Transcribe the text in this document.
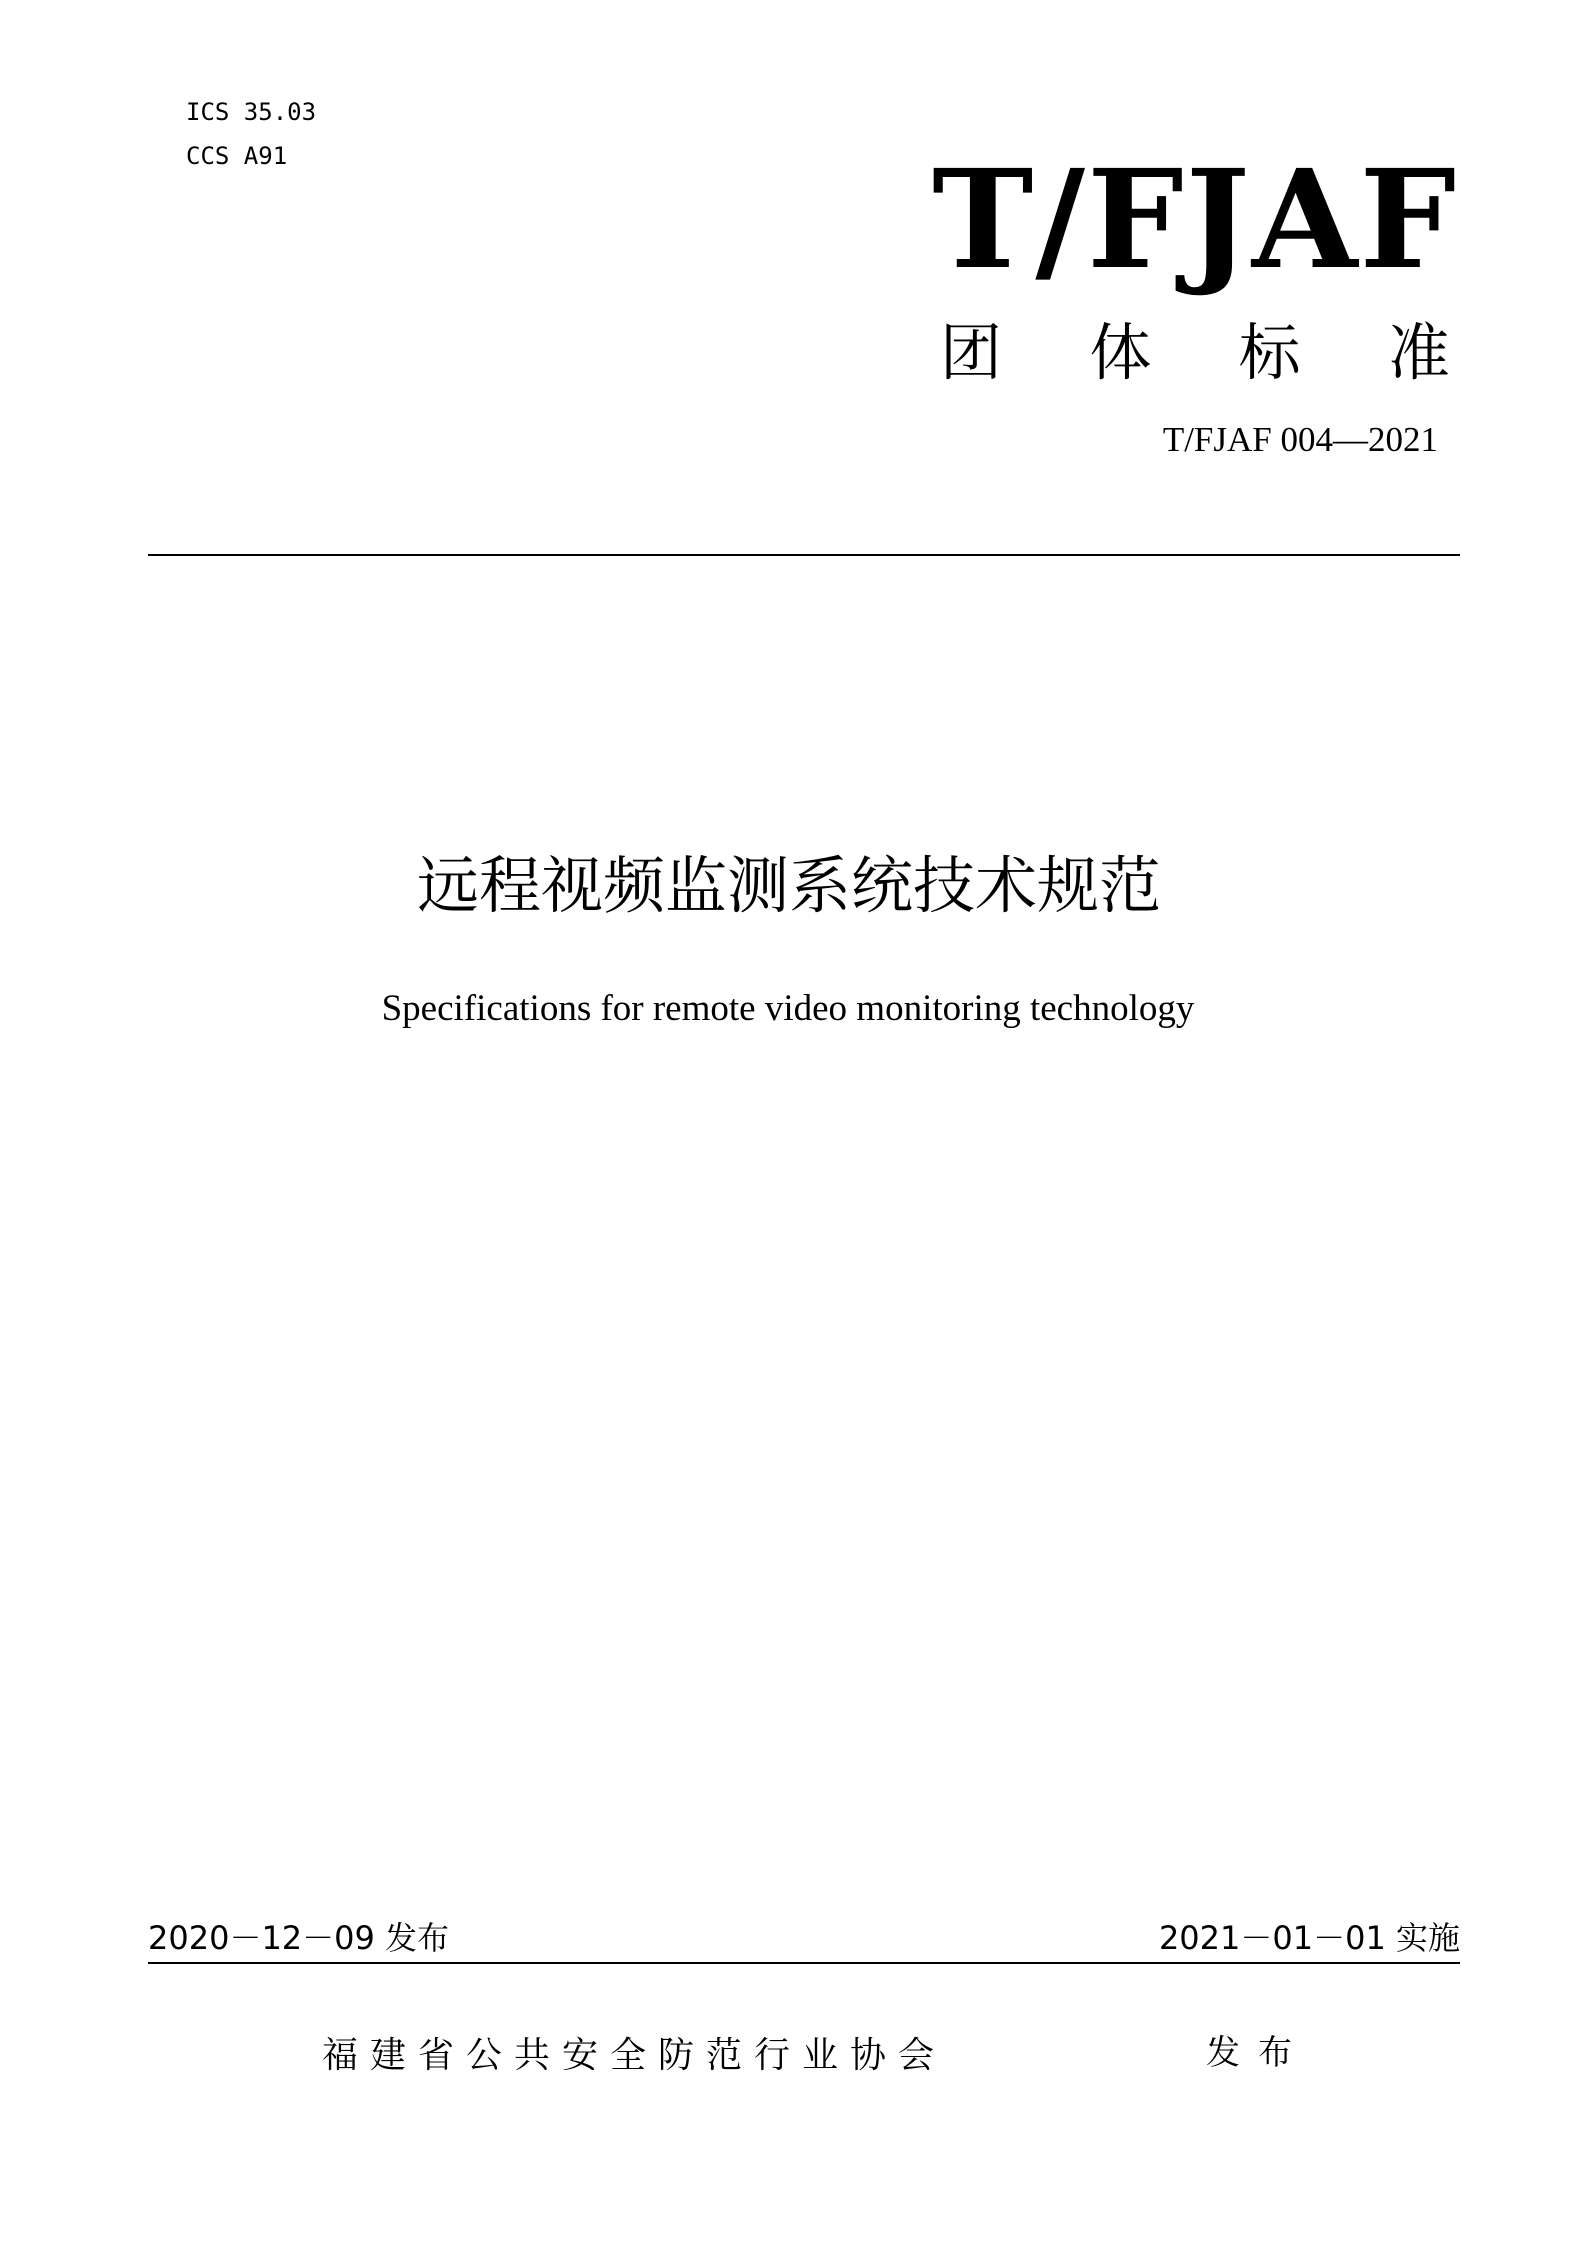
ICS 35.03
CCS A91	T/FJAF
团 体 标 准
T/FJAF 004—2021
远程视频监测系统技术规范
Specifications for remote video monitoring technology
2020－12－09 发布	2021－01－01 实施
福建省公共安全防范行业协会	发布
